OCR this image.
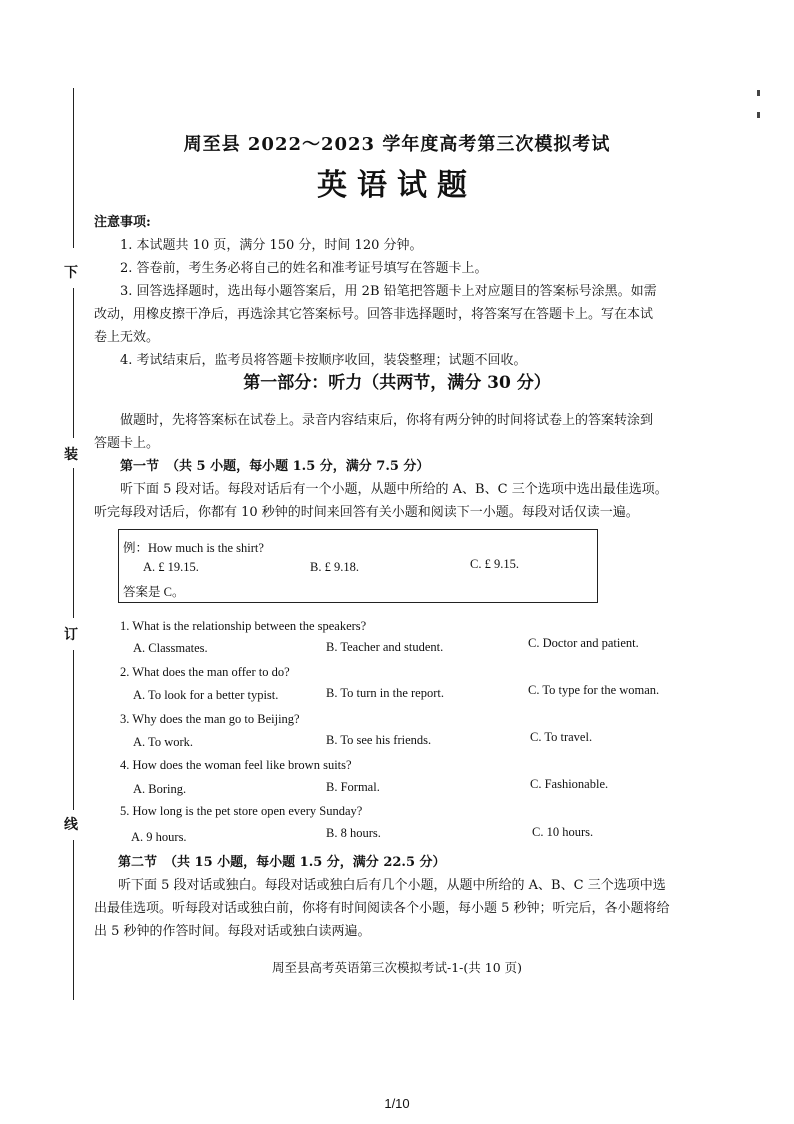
下
装
订
线
周至县 2022～2023 学年度高考第三次模拟考试
英语试题
注意事项:
1. 本试题共 10 页，满分 150 分，时间 120 分钟。
2. 答卷前，考生务必将自己的姓名和准考证号填写在答题卡上。
3. 回答选择题时，选出每小题答案后，用 2B 铅笔把答题卡上对应题目的答案标号涂黑。如需
改动，用橡皮擦干净后，再选涂其它答案标号。回答非选择题时，将答案写在答题卡上。写在本试
卷上无效。
4. 考试结束后，监考员将答题卡按顺序收回，装袋整理；试题不回收。
第一部分：听力（共两节，满分 30 分）
做题时，先将答案标在试卷上。录音内容结束后，你将有两分钟的时间将试卷上的答案转涂到
答题卡上。
第一节 （共 5 小题，每小题 1.5 分，满分 7.5 分）
听下面 5 段对话。每段对话后有一个小题，从题中所给的 A、B、C 三个选项中选出最佳选项。
听完每段对话后，你都有 10 秒钟的时间来回答有关小题和阅读下一小题。每段对话仅读一遍。
例：How much is the shirt?
A. £ 19.15.	B. £ 9.18.	C. £ 9.15.
答案是 C。
1. What is the relationship between the speakers?
A. Classmates.	B. Teacher and student.	C. Doctor and patient.
2. What does the man offer to do?
A. To look for a better typist.	B. To turn in the report.	C. To type for the woman.
3. Why does the man go to Beijing?
A. To work.	B. To see his friends.	C. To travel.
4. How does the woman feel like brown suits?
A. Boring.	B. Formal.	C. Fashionable.
5. How long is the pet store open every Sunday?
A. 9 hours.	B. 8 hours.	C. 10 hours.
第二节 （共 15 小题，每小题 1.5 分，满分 22.5 分）
听下面 5 段对话或独白。每段对话或独白后有几个小题，从题中所给的 A、B、C 三个选项中选
出最佳选项。听每段对话或独白前，你将有时间阅读各个小题，每小题 5 秒钟；听完后，各小题将给
出 5 秒钟的作答时间。每段对话或独白读两遍。
周至县高考英语第三次模拟考试-1-(共 10 页)
1/10
